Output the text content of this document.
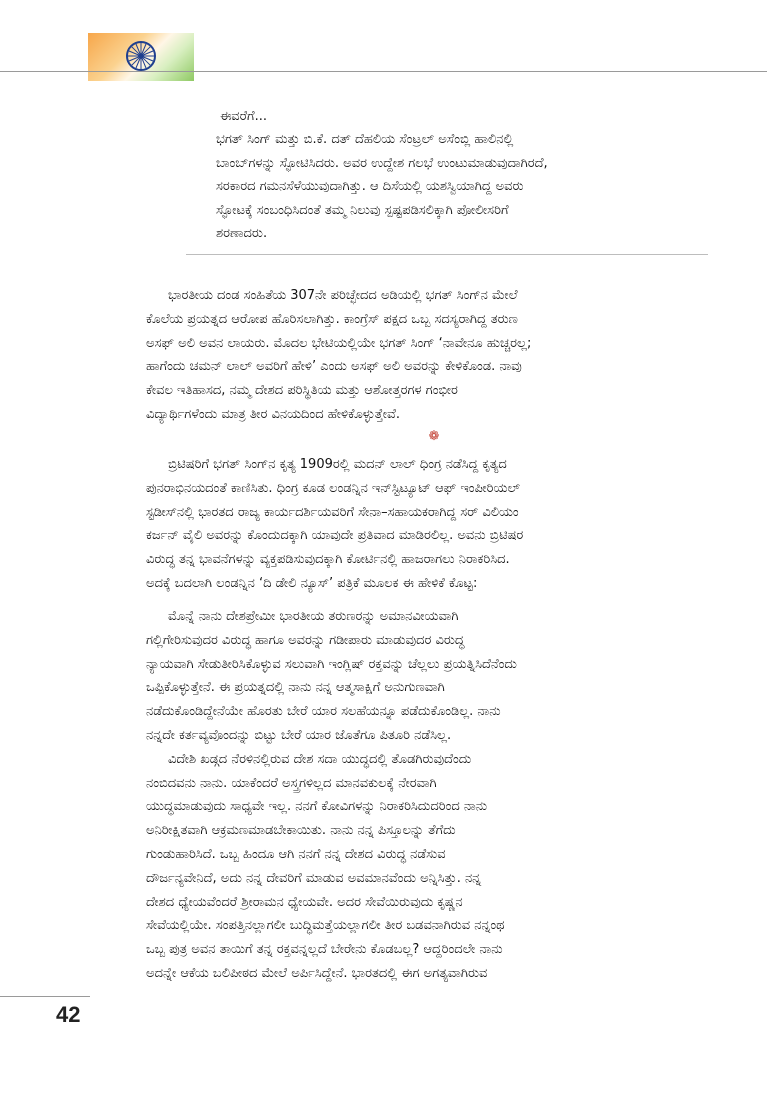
ಈವರೆಗೆ...

ಭಗತ್ ಸಿಂಗ್ ಮತ್ತು ಬಿ.ಕೆ. ದತ್ ದೆಹಲಿಯ ಸೆಂಟ್ರಲ್ ಅಸೆಂಬ್ಲಿ ಹಾಲಿನಲ್ಲಿ
ಬಾಂಬ್‌ಗಳನ್ನು ಸ್ಫೋಟಿಸಿದರು. ಅವರ ಉದ್ದೇಶ ಗಲಭೆ ಉಂಟುಮಾಡುವುದಾಗಿರದೆ,
ಸರಕಾರದ ಗಮನಸೆಳೆಯುವುದಾಗಿತ್ತು. ಆ ದಿಸೆಯಲ್ಲಿ ಯಶಸ್ವಿಯಾಗಿದ್ದ ಅವರು
ಸ್ಫೋಟಕ್ಕೆ ಸಂಬಂಧಿಸಿದಂತೆ ತಮ್ಮ ನಿಲುವು ಸ್ಪಷ್ಟಪಡಿಸಲಿಕ್ಕಾಗಿ ಪೋಲೀಸರಿಗೆ
ಶರಣಾದರು.
ಭಾರತೀಯ ದಂಡ ಸಂಹಿತೆಯ 307ನೇ ಪರಿಚ್ಛೇದದ ಅಡಿಯಲ್ಲಿ ಭಗತ್ ಸಿಂಗ್‌ನ ಮೇಲೆ
ಕೊಲೆಯ ಪ್ರಯತ್ನದ ಆರೋಪ ಹೊರಿಸಲಾಗಿತ್ತು. ಕಾಂಗ್ರೆಸ್ ಪಕ್ಷದ ಒಬ್ಬ ಸದಸ್ಯರಾಗಿದ್ದ ತರುಣ
ಅಸಫ್ ಅಲಿ ಅವನ ಲಾಯರು. ಮೊದಲ ಭೇಟಿಯಲ್ಲಿಯೇ ಭಗತ್ ಸಿಂಗ್ ‘ನಾವೇನೂ ಹುಚ್ಚರಲ್ಲ;
ಹಾಗೆಂದು ಚಮನ್ ಲಾಲ್ ಅವರಿಗೆ ಹೇಳಿ’ ಎಂದು ಅಸಫ್ ಅಲಿ ಅವರನ್ನು ಕೇಳಿಕೊಂಡ. ನಾವು
ಕೇವಲ ಇತಿಹಾಸದ, ನಮ್ಮ ದೇಶದ ಪರಿಸ್ಥಿತಿಯ ಮತ್ತು ಆಶೋತ್ತರಗಳ ಗಂಭೀರ
ವಿದ್ಯಾರ್ಥಿಗಳೆಂದು ಮಾತ್ರ ತೀರ ವಿನಯದಿಂದ ಹೇಳಿಕೊಳ್ಳುತ್ತೇವೆ.
❁
ಬ್ರಿಟಿಷರಿಗೆ ಭಗತ್ ಸಿಂಗ್‌ನ ಕೃತ್ಯ 1909ರಲ್ಲಿ ಮದನ್ ಲಾಲ್ ಧಿಂಗ್ರ ನಡೆಸಿದ್ದ ಕೃತ್ಯದ
ಪುನರಾಭಿನಯದಂತೆ ಕಾಣಿಸಿತು. ಧಿಂಗ್ರ ಕೂಡ ಲಂಡನ್ನಿನ ಇನ್‌ಸ್ಟಿಟ್ಯೂಟ್ ಆಫ್ ಇಂಪೀರಿಯಲ್
ಸ್ಟಡೀಸ್‌ನಲ್ಲಿ ಭಾರತದ ರಾಜ್ಯ ಕಾರ್ಯದರ್ಶಿಯವರಿಗೆ ಸೇನಾ–ಸಹಾಯಕರಾಗಿದ್ದ ಸರ್ ವಿಲಿಯಂ
ಕರ್ಜನ್ ವೈಲಿ ಅವರನ್ನು ಕೊಂದುದಕ್ಕಾಗಿ ಯಾವುದೇ ಪ್ರತಿವಾದ ಮಾಡಿರಲಿಲ್ಲ. ಅವನು ಬ್ರಿಟಿಷರ
ವಿರುದ್ಧ ತನ್ನ ಭಾವನೆಗಳನ್ನು ವ್ಯಕ್ತಪಡಿಸುವುದಕ್ಕಾಗಿ ಕೋರ್ಟಿನಲ್ಲಿ ಹಾಜರಾಗಲು ನಿರಾಕರಿಸಿದ.
ಅದಕ್ಕೆ ಬದಲಾಗಿ ಲಂಡನ್ನಿನ ‘ದಿ ಡೇಲಿ ನ್ಯೂಸ್’ ಪತ್ರಿಕೆ ಮೂಲಕ ಈ ಹೇಳಿಕೆ ಕೊಟ್ಟ:
ಮೊನ್ನೆ ನಾನು ದೇಶಪ್ರೇಮೀ ಭಾರತೀಯ ತರುಣರನ್ನು ಅಮಾನವೀಯವಾಗಿ
ಗಲ್ಲಿಗೇರಿಸುವುದರ ವಿರುದ್ಧ ಹಾಗೂ ಅವರನ್ನು ಗಡೀಪಾರು ಮಾಡುವುದರ ವಿರುದ್ಧ
ನ್ಯಾಯವಾಗಿ ಸೇಡುತೀರಿಸಿಕೊಳ್ಳುವ ಸಲುವಾಗಿ ಇಂಗ್ಲಿಷ್ ರಕ್ತವನ್ನು ಚೆಲ್ಲಲು ಪ್ರಯತ್ನಿಸಿದೆನೆಂದು
ಒಪ್ಪಿಕೊಳ್ಳುತ್ತೇನೆ. ಈ ಪ್ರಯತ್ನದಲ್ಲಿ ನಾನು ನನ್ನ ಆತ್ಮಸಾಕ್ಷಿಗೆ ಅನುಗುಣವಾಗಿ
ನಡೆದುಕೊಂಡಿದ್ದೇನೆಯೇ ಹೊರತು ಬೇರೆ ಯಾರ ಸಲಹೆಯನ್ನೂ ಪಡೆದುಕೊಂಡಿಲ್ಲ. ನಾನು
ನನ್ನದೇ ಕರ್ತವ್ಯವೊಂದನ್ನು ಬಿಟ್ಟು ಬೇರೆ ಯಾರ ಜೊತೆಗೂ ಪಿತೂರಿ ನಡೆಸಿಲ್ಲ.
ವಿದೇಶಿ ಖಡ್ಗದ ನೆರಳಿನಲ್ಲಿರುವ ದೇಶ ಸದಾ ಯುದ್ಧದಲ್ಲಿ ತೊಡಗಿರುವುದೆಂದು
ನಂಬಿದವನು ನಾನು. ಯಾಕೆಂದರೆ ಅಸ್ತ್ರಗಳಿಲ್ಲದ ಮಾನವಕುಲಕ್ಕೆ ನೇರವಾಗಿ
ಯುದ್ಧಮಾಡುವುದು ಸಾಧ್ಯವೇ ಇಲ್ಲ. ನನಗೆ ಕೋವಿಗಳನ್ನು ನಿರಾಕರಿಸಿದುದರಿಂದ ನಾನು
ಅನಿರೀಕ್ಷಿತವಾಗಿ ಆಕ್ರಮಣಮಾಡಬೇಕಾಯಿತು. ನಾನು ನನ್ನ ಪಿಸ್ತೂಲನ್ನು ತೆಗೆದು
ಗುಂಡುಹಾರಿಸಿದೆ. ಒಬ್ಬ ಹಿಂದೂ ಆಗಿ ನನಗೆ ನನ್ನ ದೇಶದ ವಿರುದ್ಧ ನಡೆಸುವ
ದೌರ್ಜನ್ಯವೇನಿದೆ, ಅದು ನನ್ನ ದೇವರಿಗೆ ಮಾಡುವ ಅವಮಾನವೆಂದು ಅನ್ನಿಸಿತ್ತು. ನನ್ನ
ದೇಶದ ಧ್ಯೇಯವೆಂದರೆ ಶ್ರೀರಾಮನ ಧ್ಯೇಯವೇ. ಅದರ ಸೇವೆಯಿರುವುದು ಕೃಷ್ಣನ
ಸೇವೆಯಲ್ಲಿಯೇ. ಸಂಪತ್ತಿನಲ್ಲಾಗಲೀ ಬುದ್ಧಿಮತ್ತೆಯಲ್ಲಾಗಲೀ ತೀರ ಬಡವನಾಗಿರುವ ನನ್ನಂಥ
ಒಬ್ಬ ಪುತ್ರ ಅವನ ತಾಯಿಗೆ ತನ್ನ ರಕ್ತವನ್ನಲ್ಲದೆ ಬೇರೇನು ಕೊಡಬಲ್ಲ? ಆದ್ದರಿಂದಲೇ ನಾನು
ಅದನ್ನೇ ಆಕೆಯ ಬಲಿಪೀಠದ ಮೇಲೆ ಅರ್ಪಿಸಿದ್ದೇನೆ. ಭಾರತದಲ್ಲಿ ಈಗ ಅಗತ್ಯವಾಗಿರುವ
42
